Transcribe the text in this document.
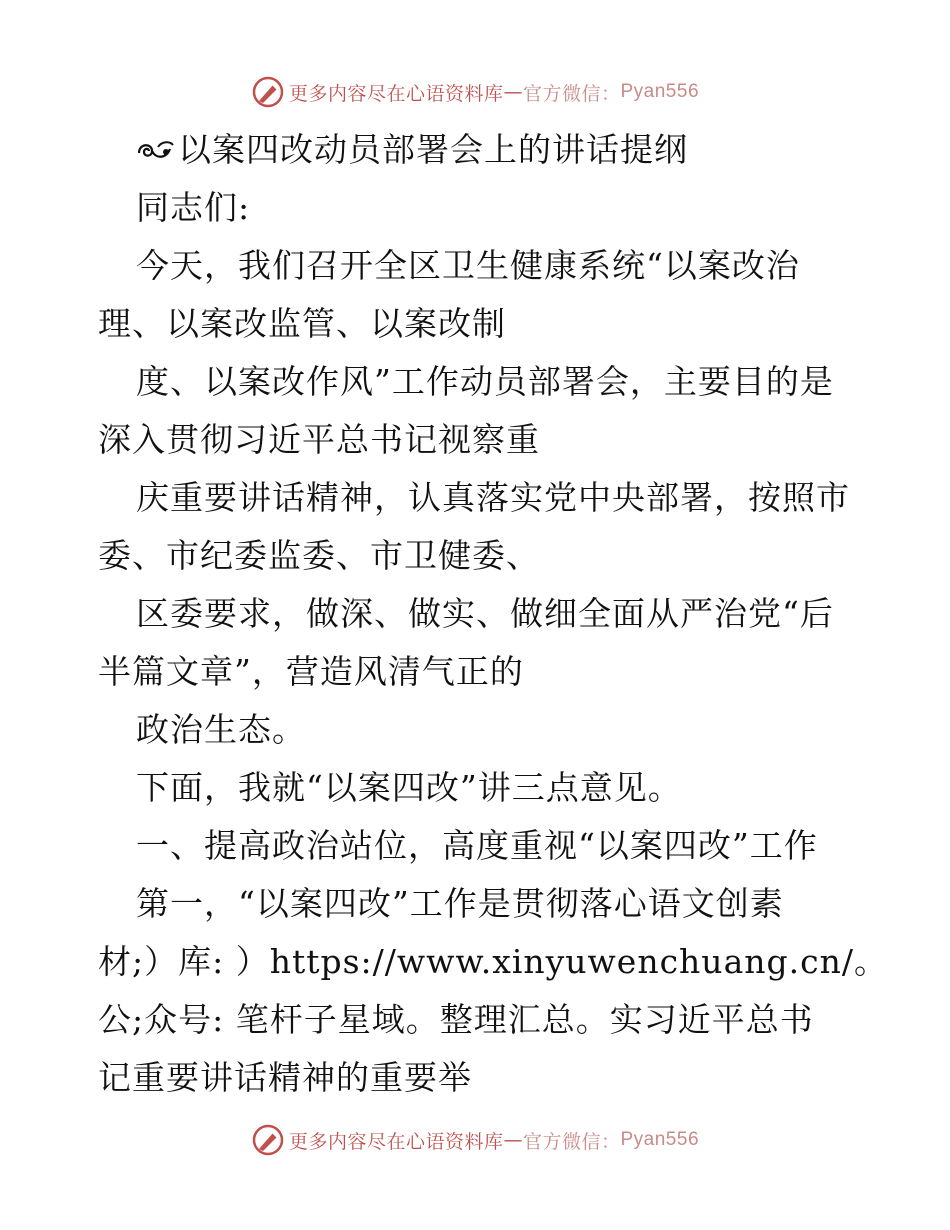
更多内容尽在心语资料库 — 官方微信： Pyan556
以案四改动员部署会上的讲话提纲
同志们:
今天，我们召开全区卫生健康系统“以案改治
理、以案改监管、以案改制
度、以案改作风”工作动员部署会，主要目的是
深入贯彻习近平总书记视察重
庆重要讲话精神，认真落实党中央部署，按照市
委、市纪委监委、市卫健委、
区委要求，做深、做实、做细全面从严治党“后
半篇文章”，营造风清气正的
政治生态。
下面，我就“以案四改”讲三点意见。
一、提高政治站位，高度重视“以案四改”工作
第一，“以案四改”工作是贯彻落心语文创素
材;）库: ）https://www.xinyuwenchuang.cn/。
公;众号: 笔杆子星域。整理汇总。实习近平总书
记重要讲话精神的重要举
更多内容尽在心语资料库 — 官方微信： Pyan556
